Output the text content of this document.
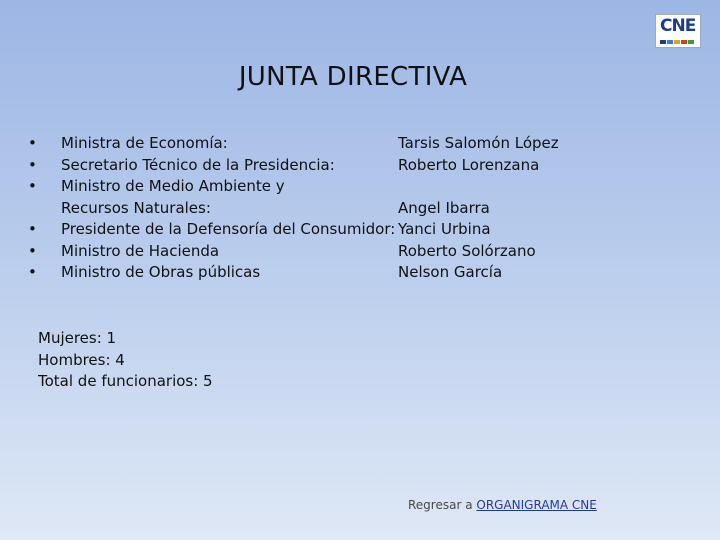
CNE
JUNTA DIRECTIVA
•	Ministra de Economía:	Tarsis Salomón López
•	Secretario Técnico de la Presidencia:	Roberto Lorenzana
•	Ministro de Medio Ambiente y
Recursos Naturales:	Angel Ibarra
•	Presidente de la Defensoría del Consumidor: Yanci Urbina
•	Ministro de Hacienda	Roberto Solórzano
•	Ministro de Obras públicas	Nelson García
Mujeres: 1
Hombres: 4
Total de funcionarios: 5
Regresar a ORGANIGRAMA CNE
